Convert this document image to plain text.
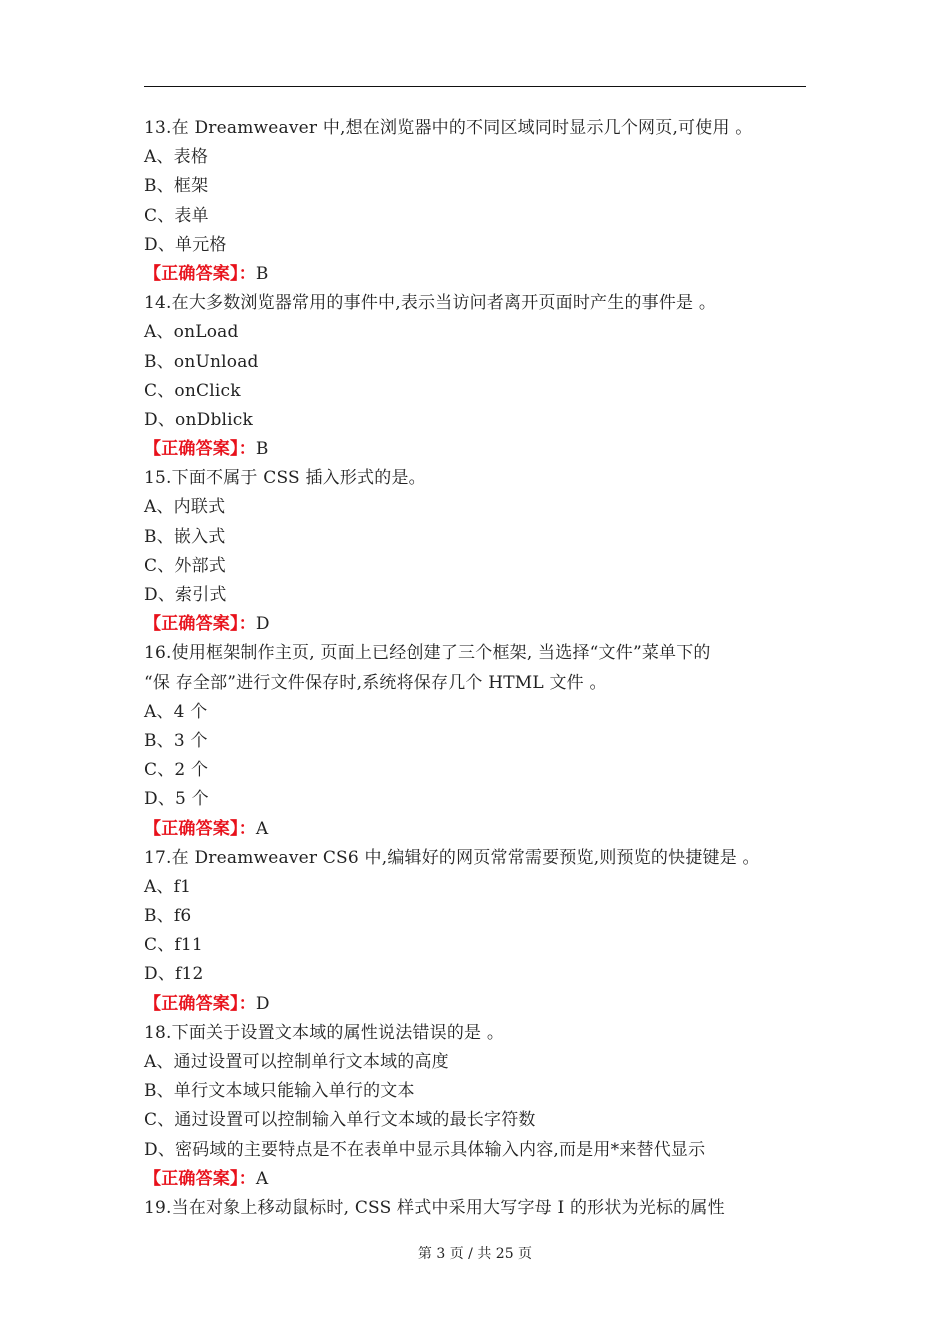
13.在 Dreamweaver 中,想在浏览器中的不同区域同时显示几个网页,可使用 。
A、表格
B、框架
C、表单
D、单元格
【正确答案】：B
14.在大多数浏览器常用的事件中,表示当访问者离开页面时产生的事件是 。
A、onLoad
B、onUnload
C、onClick
D、onDblick
【正确答案】：B
15.下面不属于 CSS 插入形式的是。
A、内联式
B、嵌入式
C、外部式
D、索引式
【正确答案】：D
16.使用框架制作主页, 页面上已经创建了三个框架, 当选择“文件”菜单下的
“保 存全部”进行文件保存时,系统将保存几个 HTML 文件 。
A、4 个
B、3 个
C、2 个
D、5 个
【正确答案】：A
17.在 Dreamweaver CS6 中,编辑好的网页常常需要预览,则预览的快捷键是 。
A、f1
B、f6
C、f11
D、f12
【正确答案】：D
18.下面关于设置文本域的属性说法错误的是 。
A、通过设置可以控制单行文本域的高度
B、单行文本域只能输入单行的文本
C、通过设置可以控制输入单行文本域的最长字符数
D、密码域的主要特点是不在表单中显示具体输入内容,而是用*来替代显示
【正确答案】：A
19.当在对象上移动鼠标时, CSS 样式中采用大写字母 I 的形状为光标的属性
第 3 页 / 共 25 页
